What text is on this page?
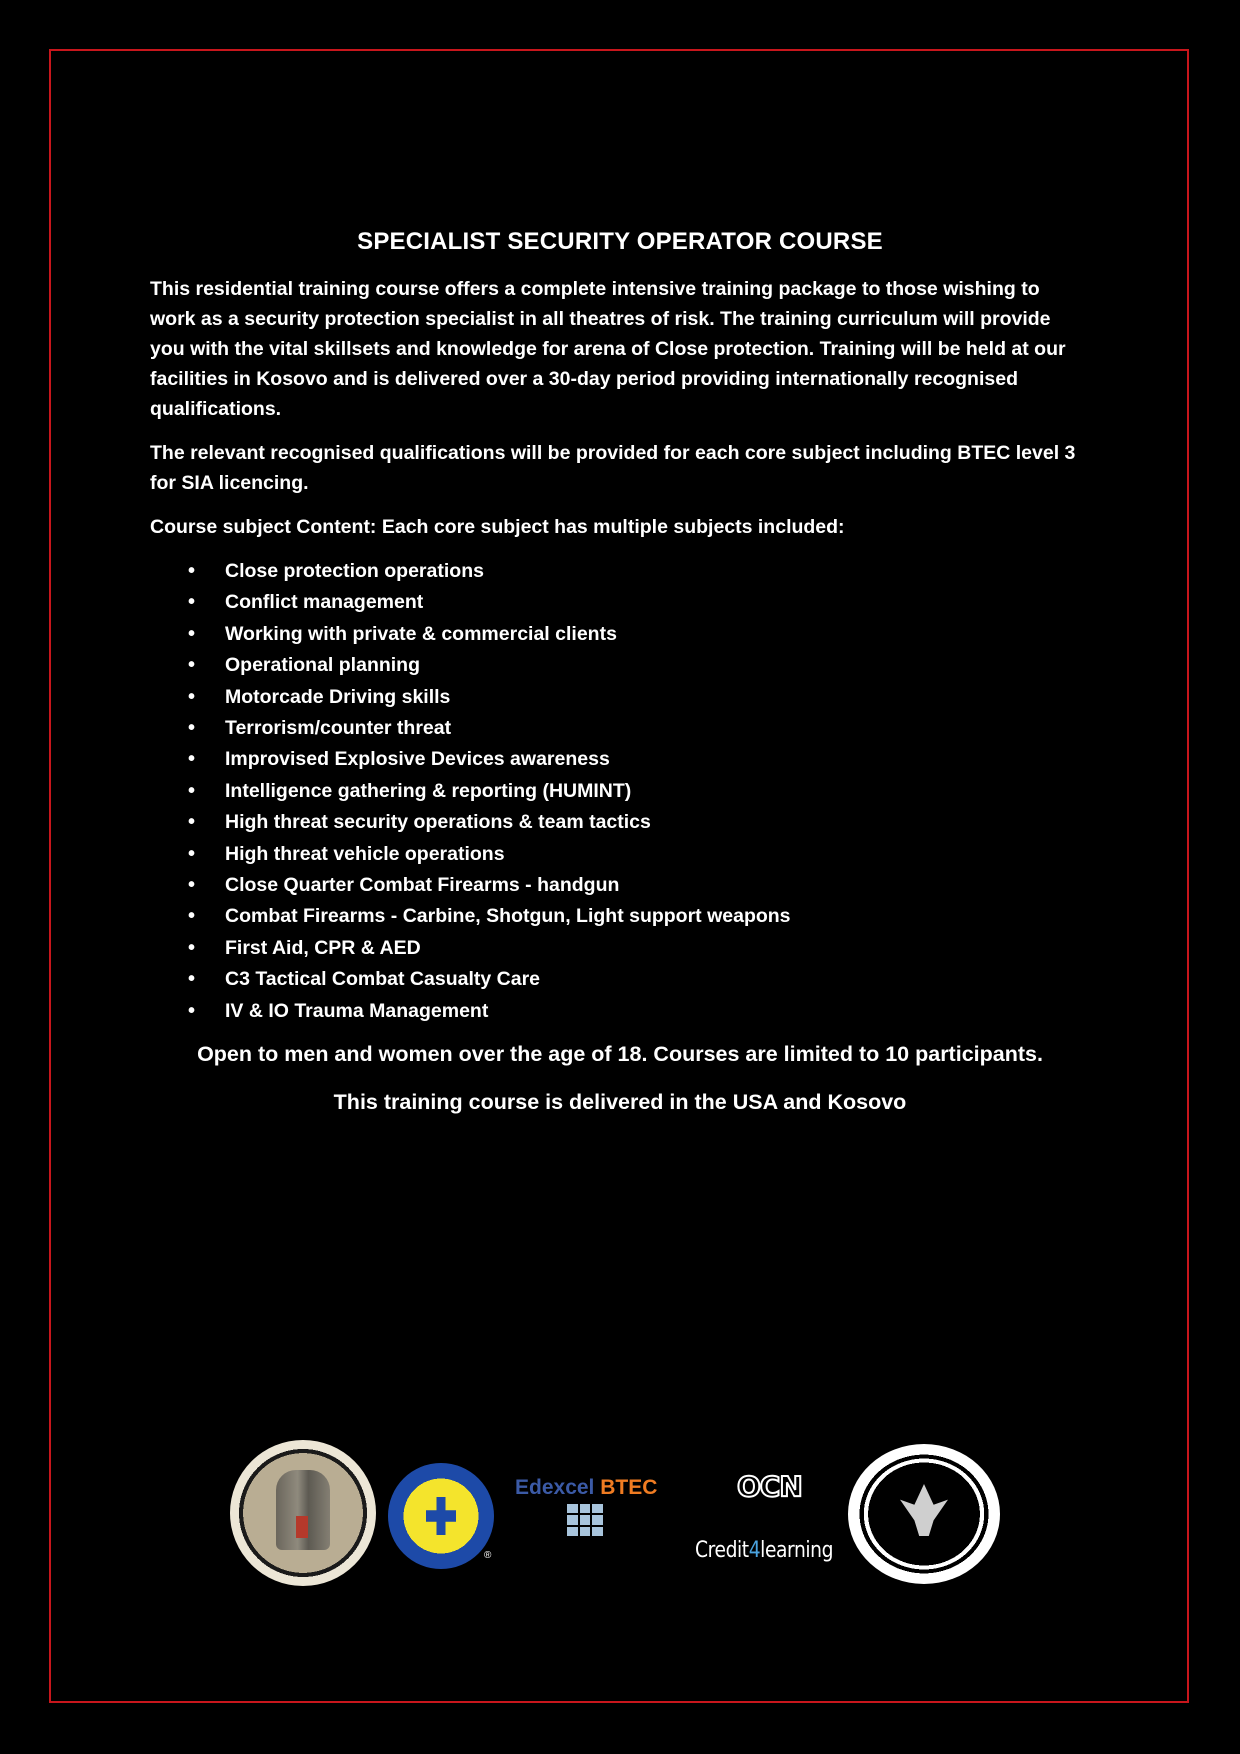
SPECIALIST SECURITY OPERATOR COURSE

This residential training course offers a complete intensive training package to those wishing to work as a security protection specialist in all theatres of risk. The training curriculum will provide you with the vital skillsets and knowledge for arena of Close protection. Training will be held at our facilities in Kosovo and is delivered over a 30-day period providing internationally recognised qualifications.

The relevant recognised qualifications will be provided for each core subject including BTEC level 3 for SIA licencing.

Course subject Content: Each core subject has multiple subjects included:

• Close protection operations
• Conflict management
• Working with private & commercial clients
• Operational planning
• Motorcade Driving skills
• Terrorism/counter threat
• Improvised Explosive Devices awareness
• Intelligence gathering & reporting (HUMINT)
• High threat security operations & team tactics
• High threat vehicle operations
• Close Quarter Combat Firearms - handgun
• Combat Firearms - Carbine, Shotgun, Light support weapons
• First Aid, CPR & AED
• C3 Tactical Combat Casualty Care
• IV & IO Trauma Management

Open to men and women over the age of 18. Courses are limited to 10 participants.

This training course is delivered in the USA and Kosovo

®
Edexcel BTEC	OCN
Credit4learning
